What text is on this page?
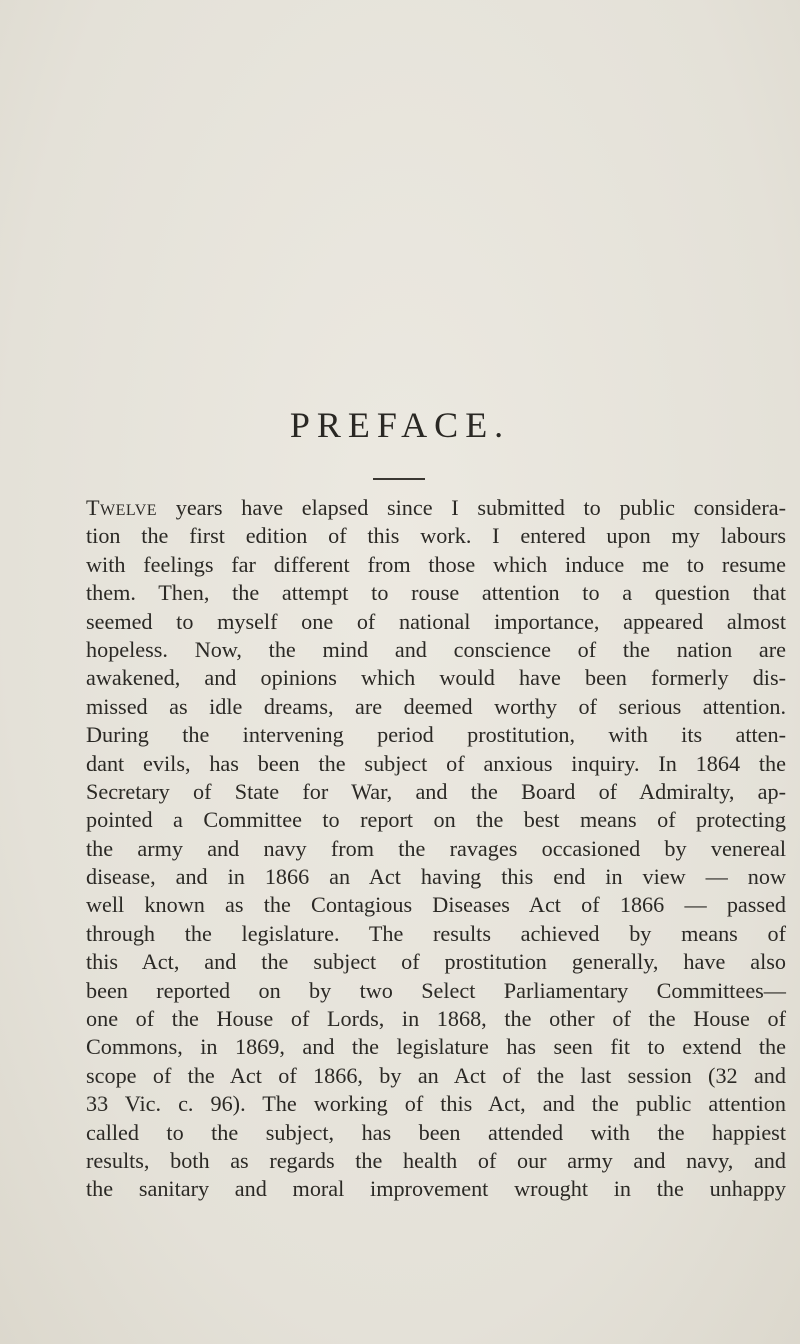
PREFACE.
Twelve years have elapsed since I submitted to public considera-
tion the first edition of this work. I entered upon my labours
with feelings far different from those which induce me to resume
them. Then, the attempt to rouse attention to a question that
seemed to myself one of national importance, appeared almost
hopeless. Now, the mind and conscience of the nation are
awakened, and opinions which would have been formerly dis-
missed as idle dreams, are deemed worthy of serious attention.
During the intervening period prostitution, with its atten-
dant evils, has been the subject of anxious inquiry. In 1864 the
Secretary of State for War, and the Board of Admiralty, ap-
pointed a Committee to report on the best means of protecting
the army and navy from the ravages occasioned by venereal
disease, and in 1866 an Act having this end in view — now
well known as the Contagious Diseases Act of 1866 — passed
through the legislature. The results achieved by means of
this Act, and the subject of prostitution generally, have also
been reported on by two Select Parliamentary Committees—
one of the House of Lords, in 1868, the other of the House of
Commons, in 1869, and the legislature has seen fit to extend the
scope of the Act of 1866, by an Act of the last session (32 and
33 Vic. c. 96). The working of this Act, and the public attention
called to the subject, has been attended with the happiest
results, both as regards the health of our army and navy, and
the sanitary and moral improvement wrought in the unhappy
